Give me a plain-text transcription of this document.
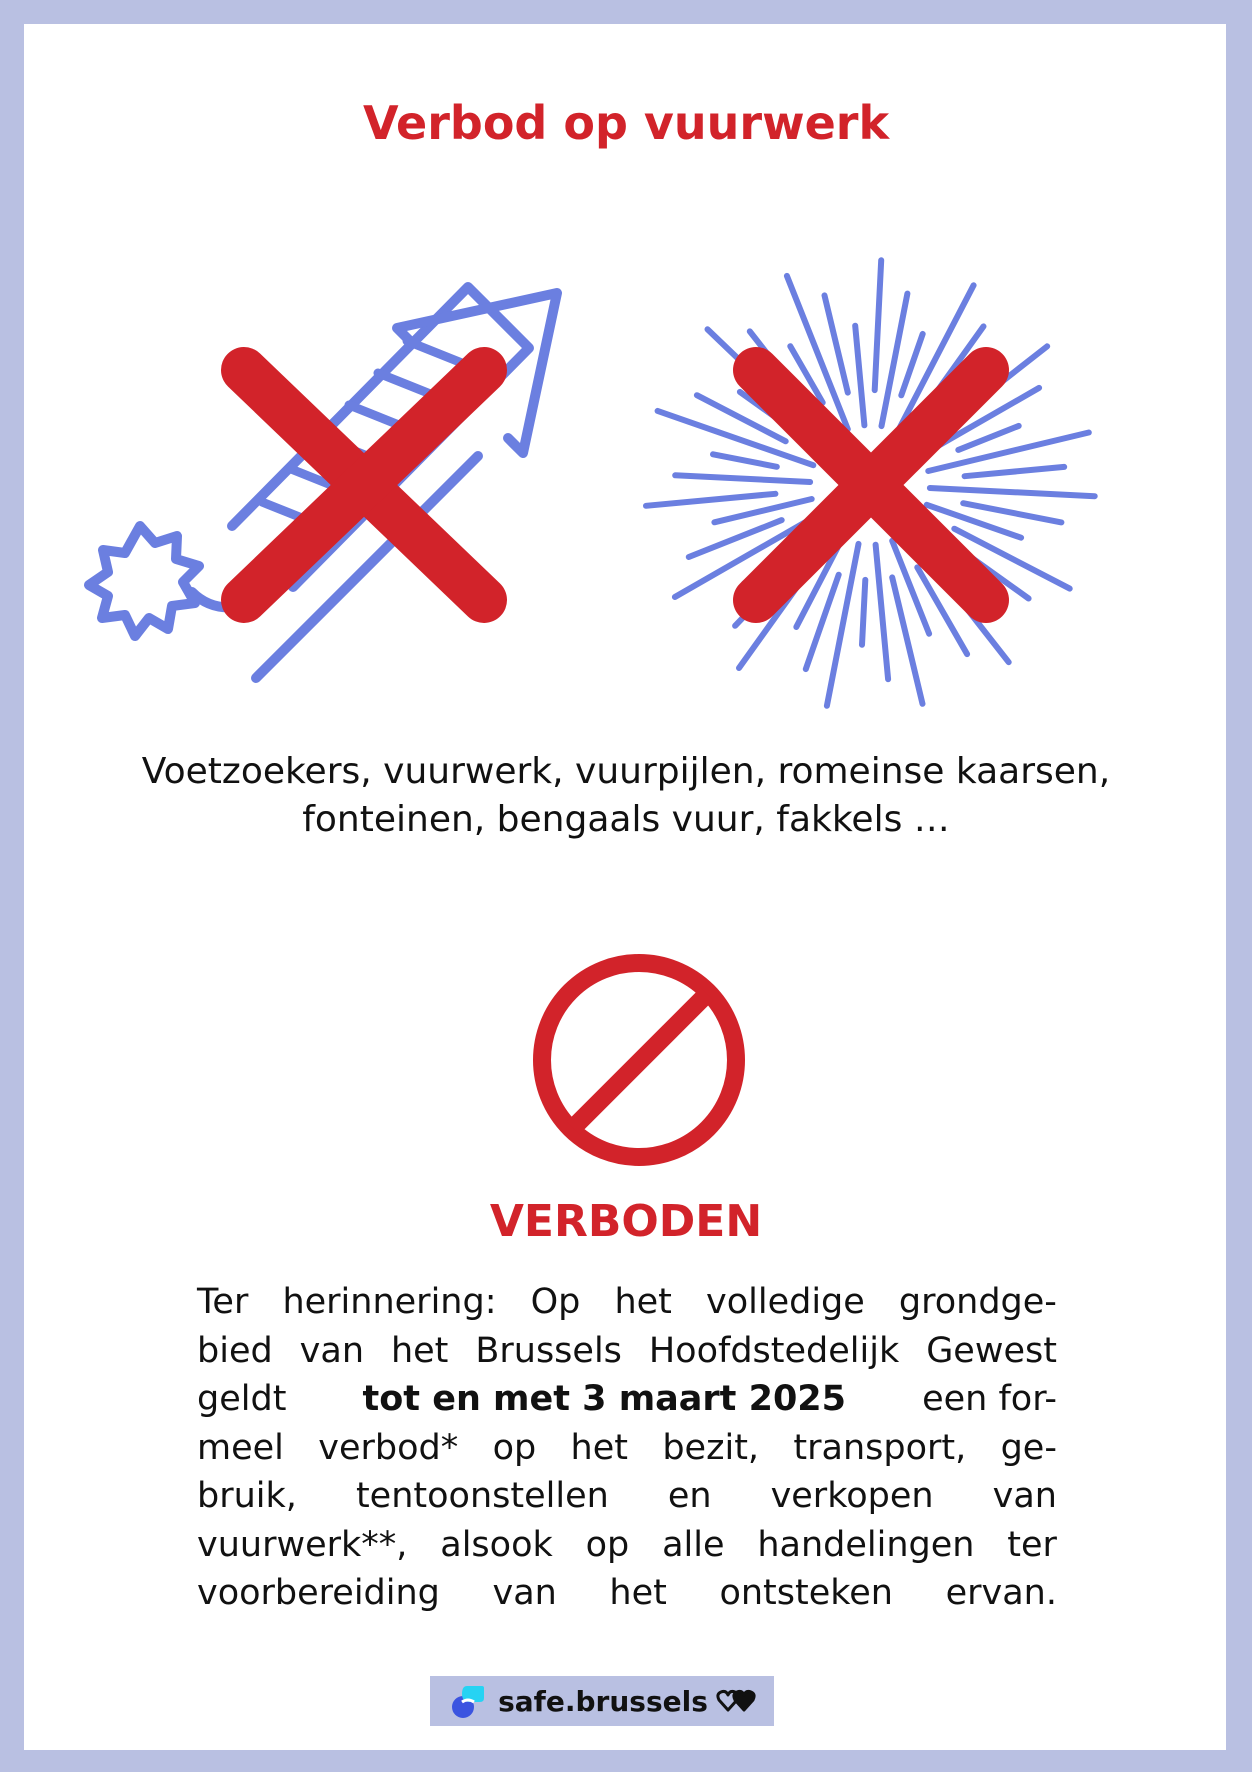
Verbod op vuurwerk

Voetzoekers, vuurwerk, vuurpijlen, romeinse kaarsen,
fonteinen, bengaals vuur, fakkels …

VERBODEN
Ter herinnering: Op het volledige grondge-
bied van het Brussels Hoofdstedelijk Gewest
geldt tot en met 3 maart 2025 een for-
meel verbod* op het bezit, transport, ge-
bruik, tentoonstellen en verkopen van
vuurwerk**, alsook op alle handelingen ter
voorbereiding van het ontsteken ervan.
safe.brussels
